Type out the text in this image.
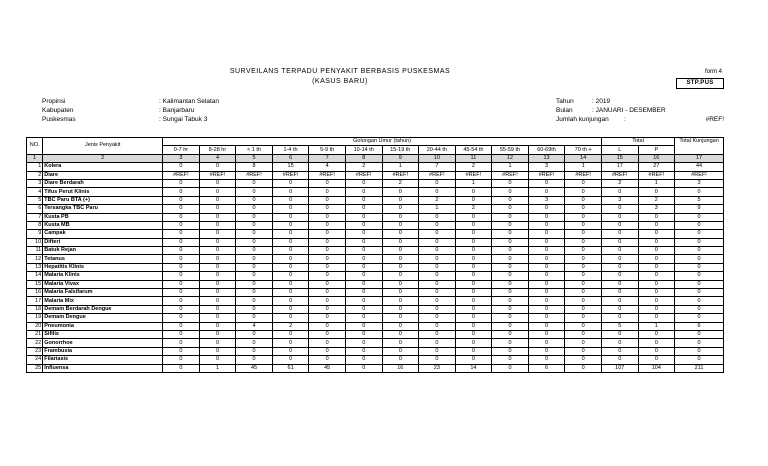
SURVEILANS TERPADU PENYAKIT BERBASIS PUSKESMAS
(KASUS BARU)
form 4
STP.PUS
Propinsi	: Kalimantan Selatan
Kabupaten	: Banjarbaru
Puskesmas	: Sungai Tabuk 3
Tahun	: 2019
Bulan	: JANUARI - DESEMBER
Jumlah kunjungan	:	#REF!
NO.	Jenis Penyakit	Golongan Umur (tahun)												Total		Total Kunjungan
		0-7 hr	8-28 hr	< 1 th	1-4 th	5-9 th	10-14 th	15-19 th	20-44 th	45-54 th	55-59 th	60-69th	70 th +	L	P	
1	2	3	4	5	6	7	8	9	10	11	12	13	14	15	16	17
1	Kolera	0	0	8	15	4	2	1	7	2	1	3	1	17	27	44
2	Diare	#REF!	#REF!	#REF!	#REF!	#REF!	#REF!	#REF!	#REF!	#REF!	#REF!	#REF!	#REF!	#REF!	#REF!	#REF!
3	Diare Berdarah	0	0	0	0	0	0	2	0	1	0	0	0	2	1	3
4	Tifus Perut Klinis	0	0	0	0	0	0	0	0	0	0	0	0	0	0	0
5	TBC Paru BTA (+)	0	0	0	0	0	0	0	2	0	0	3	0	3	2	5
6	Tersangka TBC Paru	0	0	0	0	0	0	0	1	2	0	0	0	0	3	9
7	Kusta PB	0	0	0	0	0	0	0	0	0	0	0	0	0	0	0
8	Kusta MB	0	0	0	0	0	0	0	0	0	0	0	0	0	0	0
9	Campak	0	0	0	0	0	0	0	0	0	0	0	0	0	0	0
10	Difteri	0	0	0	0	0	0	0	0	0	0	0	0	0	0	0
11	Batuk Rejan	0	0	0	0	0	0	0	0	0	0	0	0	0	0	0
12	Tetanus	0	0	0	0	0	0	0	0	0	0	0	0	0	0	0
13	Hepatitis Klinis	0	0	0	0	0	0	0	0	0	0	0	0	0	0	0
14	Malaria Klinis	0	0	0	0	0	0	0	0	0	0	0	0	0	0	0
15	Malaria Vivax	0	0	0	0	0	0	0	0	0	0	0	0	0	0	0
16	Malaria Falsifarum	0	0	0	0	0	0	0	0	0	0	0	0	0	0	0
17	Malaria Mix	0	0	0	0	0	0	0	0	0	0	0	0	0	0	0
18	Demam Berdarah Dengue	0	0	0	0	0	0	0	0	0	0	0	0	0	0	0
19	Demam Dengue	0	0	0	0	0	0	0	0	0	0	0	0	0	0	0
20	Pneumonia	0	0	4	2	0	0	0	0	0	0	0	0	5	1	6
21	Sifilis	0	0	0	0	0	0	0	0	0	0	0	0	0	0	0
22	Gonorrhoe	0	0	0	0	0	0	0	0	0	0	0	0	0	0	0
23	Frambusia	0	0	0	0	0	0	0	0	0	0	0	0	0	0	0
24	Filariasis	0	0	0	0	0	0	0	0	0	0	0	0	0	0	0
25	Influensa	0	1	45	61	45	0	16	23	14	0	6	0	107	104	211
